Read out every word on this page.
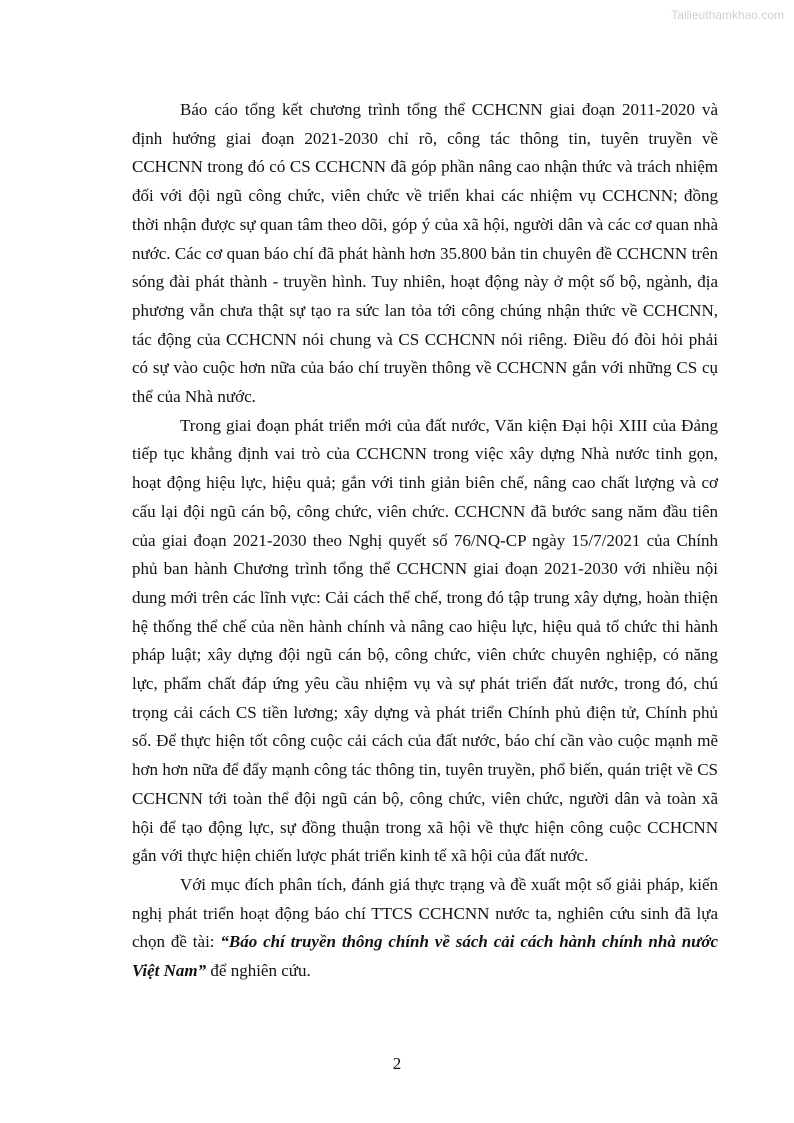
Tailieuthamkhao.com

Báo cáo tổng kết chương trình tổng thể CCHCNN giai đoạn 2011-2020 và định hướng giai đoạn 2021-2030 chỉ rõ, công tác thông tin, tuyên truyền về CCHCNN trong đó có CS CCHCNN đã góp phần nâng cao nhận thức và trách nhiệm đối với đội ngũ công chức, viên chức về triển khai các nhiệm vụ CCHCNN; đồng thời nhận được sự quan tâm theo dõi, góp ý của xã hội, người dân và các cơ quan nhà nước. Các cơ quan báo chí đã phát hành hơn 35.800 bản tin chuyên đề CCHCNN trên sóng đài phát thành - truyền hình. Tuy nhiên, hoạt động này ở một số bộ, ngành, địa phương vẫn chưa thật sự tạo ra sức lan tỏa tới công chúng nhận thức về CCHCNN, tác động của CCHCNN nói chung và CS CCHCNN nói riêng. Điều đó đòi hỏi phải có sự vào cuộc hơn nữa của báo chí truyền thông về CCHCNN gắn với những CS cụ thể của Nhà nước.

Trong giai đoạn phát triển mới của đất nước, Văn kiện Đại hội XIII của Đảng tiếp tục khẳng định vai trò của CCHCNN trong việc xây dựng Nhà nước tinh gọn, hoạt động hiệu lực, hiệu quả; gắn với tinh giản biên chế, nâng cao chất lượng và cơ cấu lại đội ngũ cán bộ, công chức, viên chức. CCHCNN đã bước sang năm đầu tiên của giai đoạn 2021-2030 theo Nghị quyết số 76/NQ-CP ngày 15/7/2021 của Chính phủ ban hành Chương trình tổng thể CCHCNN giai đoạn 2021-2030 với nhiều nội dung mới trên các lĩnh vực: Cải cách thể chế, trong đó tập trung xây dựng, hoàn thiện hệ thống thể chế của nền hành chính và nâng cao hiệu lực, hiệu quả tổ chức thi hành pháp luật; xây dựng đội ngũ cán bộ, công chức, viên chức chuyên nghiệp, có năng lực, phẩm chất đáp ứng yêu cầu nhiệm vụ và sự phát triển đất nước, trong đó, chú trọng cải cách CS tiền lương; xây dựng và phát triển Chính phủ điện tử, Chính phủ số. Để thực hiện tốt công cuộc cải cách của đất nước, báo chí cần vào cuộc mạnh mẽ hơn hơn nữa để đẩy mạnh công tác thông tin, tuyên truyền, phổ biến, quán triệt về CS CCHCNN tới toàn thể đội ngũ cán bộ, công chức, viên chức, người dân và toàn xã hội để tạo động lực, sự đồng thuận trong xã hội về thực hiện công cuộc CCHCNN gắn với thực hiện chiến lược phát triển kinh tế xã hội của đất nước.

Với mục đích phân tích, đánh giá thực trạng và đề xuất một số giải pháp, kiến nghị phát triển hoạt động báo chí TTCS CCHCNN nước ta, nghiên cứu sinh đã lựa chọn đề tài: “Báo chí truyền thông chính về sách cải cách hành chính nhà nước Việt Nam” để nghiên cứu.

2
